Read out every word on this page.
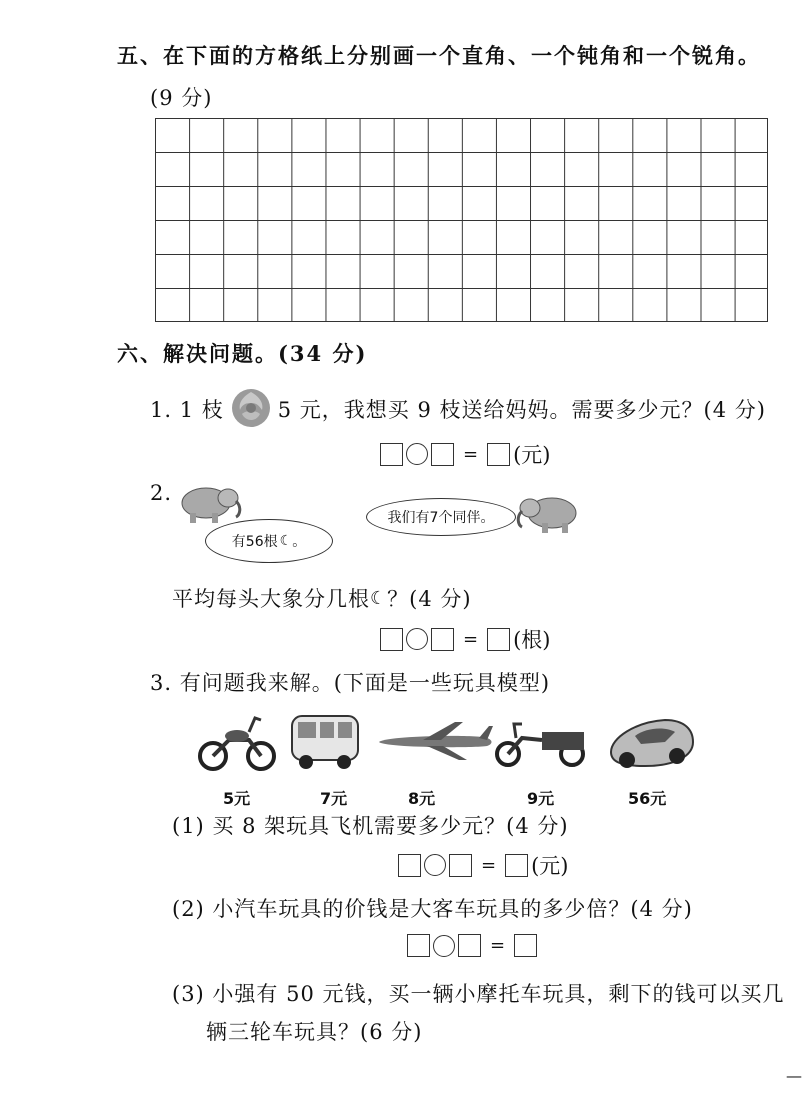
五、在下面的方格纸上分别画一个直角、一个钝角和一个锐角。
(9 分)
六、解决问题。(34 分)
1. 1 枝	5 元，我想买 9 枝送给妈妈。需要多少元？(4 分)
= (元)
2.
有56根 ☾ 。
我们有7个同伴。
平均每头大象分几根 ☾ ？(4 分)
= (根)
3. 有问题我来解。(下面是一些玩具模型)
5元	7元	8元	9元	56元
(1) 买 8 架玩具飞机需要多少元？(4 分)
= (元)
(2) 小汽车玩具的价钱是大客车玩具的多少倍？(4 分)
=
(3) 小强有 50 元钱，买一辆小摩托车玩具，剩下的钱可以买几
辆三轮车玩具？(6 分)
—
